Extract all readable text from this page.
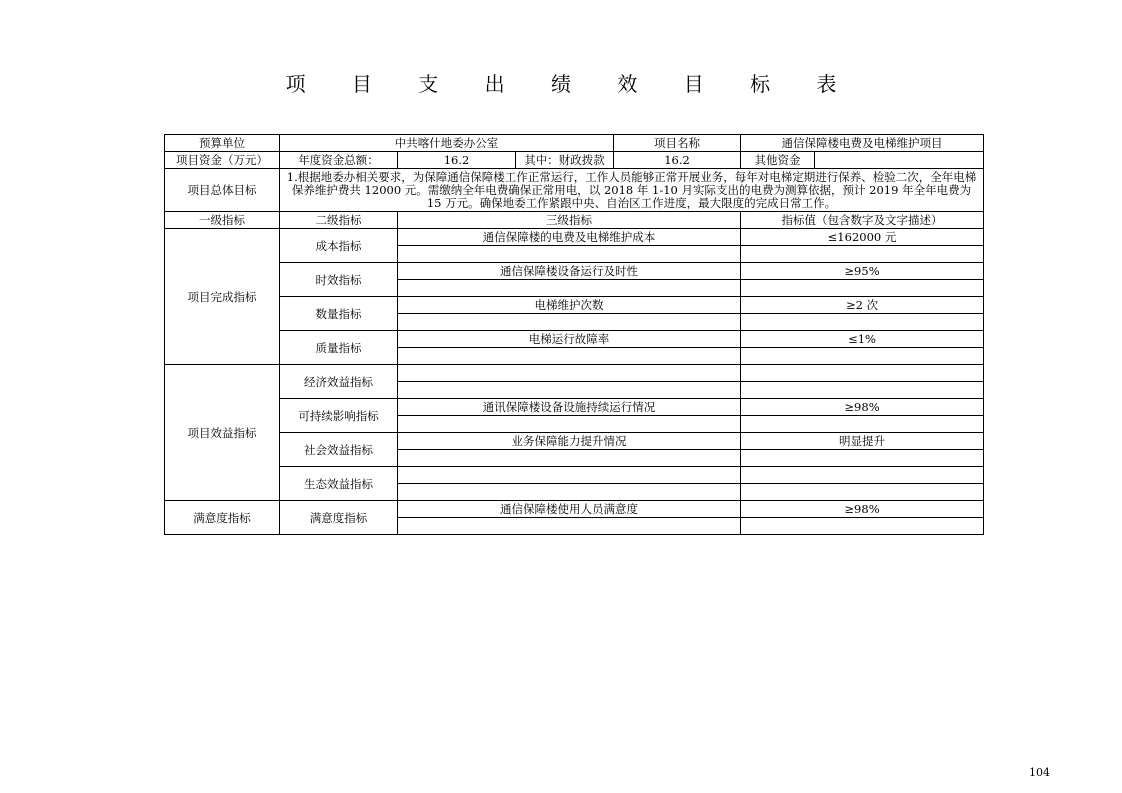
项 目 支 出 绩 效 目 标 表
预算单位	中共喀什地委办公室			项目名称	通信保障楼电费及电梯维护项目	
项目资金（万元）	年度资金总额：	16.2	其中：财政拨款	16.2	其他资金	
项目总体目标	1.根据地委办相关要求，为保障通信保障楼工作正常运行，工作人员能够正常开展业务，每年对电梯定期进行保养、检验二次，全年电梯保养维护费共 12000 元。需缴纳全年电费确保正常用电，以 2018 年 1-10 月实际支出的电费为测算依据，预计 2019 年全年电费为 15 万元。确保地委工作紧跟中央、自治区工作进度，最大限度的完成日常工作。					
一级指标	二级指标	三级指标			指标值（包含数字及文字描述）	
项目完成指标	成本指标	通信保障楼的电费及电梯维护成本			≤162000 元	

	时效指标	通信保障楼设备运行及时性			≥95%	

	数量指标	电梯维护次数			≥2 次	

	质量指标	电梯运行故障率			≤1%	

项目效益指标	经济效益指标					

	可持续影响指标	通讯保障楼设备设施持续运行情况			≥98%	

	社会效益指标	业务保障能力提升情况			明显提升	

	生态效益指标					

满意度指标	满意度指标	通信保障楼使用人员满意度			≥98%	

104
